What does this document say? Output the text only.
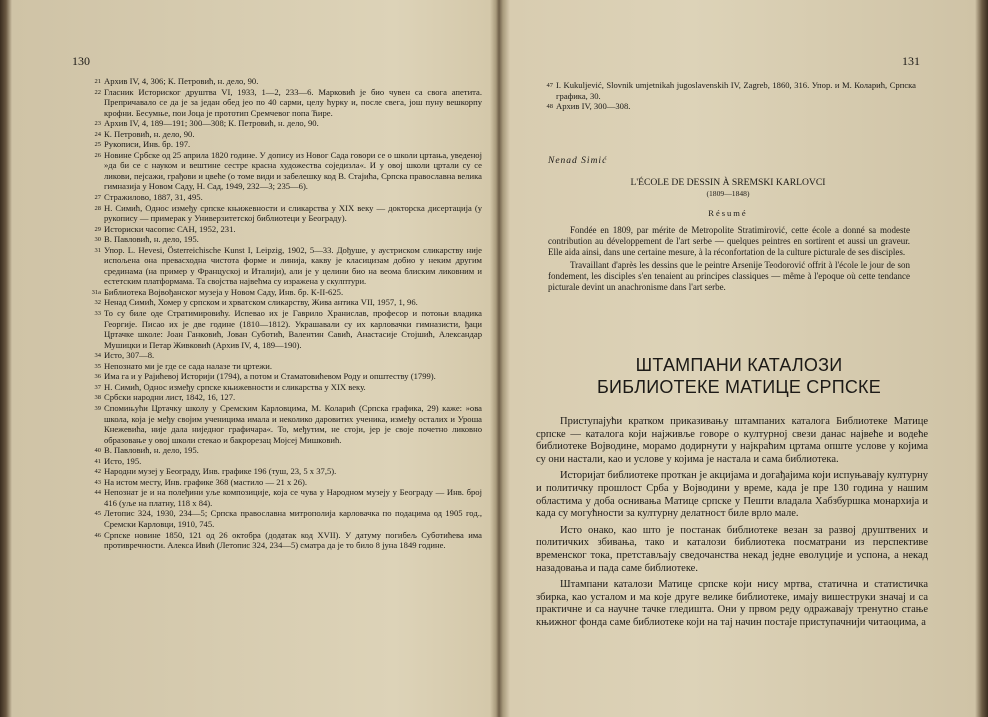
130
21 Архив IV, 4, 306; К. Петровић, н. дело, 90.
22 Гласник Историског друштва VI, 1933, 1—2, 233—6. Марковић је био чувен са свога апетита. Препричавало се да је за један обед јео по 40 сарми, целу ћурку и, после свега, још пуну вешкорпу крофни. Бесумње, пои Јоца је прототип Сремчевог попа Ћире.
23 Архив IV, 4, 189—191; 300—308; К. Петровић, н. дело, 90.
24 К. Петровић, н. дело, 90.
25 Рукописи, Инв. бр. 197.
26 Новине Србске од 25 априла 1820 године. У допису из Новог Сада говори се о школи цртања, уведеној »да би се с науком и вештине сестре красна художества соједизла«. И у овој школи цртали су се ликови, пејсажи, грађови и цвеће (о томе види и забелешку код В. Стајића, Српска православна велика гимназија у Новом Саду, Н. Сад, 1949, 232—3; 235—6).
27 Стражилово, 1887, 31, 495.
28 Н. Симић, Однос између српске књижевности и сликарства у XIX веку — докторска дисертација (у рукопису — примерак у Универзитетској библиотеци у Београду).
29 Историски часопис САН, 1952, 231.
30 В. Павловић, н. дело, 195.
31 Упор. L. Hevesi, Österreichische Kunst I, Leipzig, 1902, 5—33. Дођуше, у аустриском сликарству није испољена она превасходна чистота форме и линија, какву је класицизам добио у неким другим срединама (на пример у Француској и Италији), али је у целини био на веома блиским ликовним и естетским платформама. Та својства највећма су изражена у скулптури.
31a Библиотека Војвођанског музеја у Новом Саду, Инв. бр. К-II-625.
32 Ненад Симић, Хомер у српском и хрватском сликарству, Жива антика VII, 1957, 1, 96.
33 То су биле оде Стратимировићу. Испевао их је Гаврило Хранислав, професор и потоњи владика Георгије. Писао их је две године (1810—1812). Украшавали су их карловачки гимназисти, ђаци Цртачке школе: Јоан Ганковић, Јован Суботић, Валентин Савић, Анастасије Стојшић, Александар Мушицки и Петар Живковић (Архив IV, 4, 189—190).
34 Исто, 307—8.
35 Непознато ми је где се сада налазе ти цртежи.
36 Има га и у Рајићевој Историји (1794), а потом и Стаматовићевом Роду и општеству (1799).
37 Н. Симић, Однос између српске књижевности и сликарства у XIX веку.
38 Србски народни лист, 1842, 16, 127.
39 Спомињући Цртачку школу у Сремским Карловцима, М. Коларић (Српска графика, 29) каже: »ова школа, која је међу својим ученицима имала и неколико даровитих ученика, између осталих и Уроша Кнежевића, није дала ниједног графичара«. То, међутим, не стоји, јер је своје почетно ликовно образовање у овој школи стекао и бакрорезац Мојсеј Мишковић.
40 В. Павловић, н. дело, 195.
41 Исто, 195.
42 Народни музеј у Београду, Инв. графике 196 (туш, 23, 5 x 37,5).
43 На истом месту, Инв. графике 368 (мастило — 21 x 26).
44 Непознат је и на полеђини уље композиције, која се чува у Народном музеју у Београду — Инв. број 416 (уље на платну, 118 x 84).
45 Летопис 324, 1930, 234—5; Српска православна митрополија карловачка по подацима од 1905 год., Сремски Карловци, 1910, 745.
46 Српске новине 1850, 121 од 26 октобра (додатак код XVII). У датуму погибељ Суботићева има противречности. Алекса Ивић (Летопис 324, 234—5) сматра да је то било 8 јуна 1849 године.
131
47 I. Kukuljević, Slovnik umjetnikah jugoslavenskih IV, Zagreb, 1860, 316. Упор. и М. Коларић, Српска графика, 30.
48 Архив IV, 300—308.
Nenad Simić
L'ÉCOLE DE DESSIN À SREMSKI KARLOVCI
(1809—1848)
Résumé

Fondée en 1809, par mérite de Metropolite Stratimirović, cette école a donné sa modeste contribution au développement de l'art serbe — quelques peintres en sortirent et aussi un graveur. Elle aida ainsi, dans une certaine mesure, à la réconfortation de la culture picturale de ses disciples.

Travaillant d'après les dessins que le peintre Arsenije Teodorović offrit à l'école le jour de son fondement, les disciples s'en tenaient au principes classiques — même à l'epoque où cette tendance picturale devint un anachronisme dans l'art serbe.

ШТАМПАНИ КАТАЛОЗИ
БИБЛИОТЕКЕ МАТИЦЕ СРПСКЕ

Приступајући кратком приказивању штампаних каталога Библиотеке Матице српске — каталога који најживље говоре о културној свези данас највеће и водеће библиотеке Војводине, морамо додирнути у најкраћим цртама опште услове у којима су они настали, као и услове у којима је настала и сама библиотека.

Историјат библиотеке проткан је акцијама и догађајима који испуњавају културну и политичку прошлост Срба у Војводини у време, када је пре 130 година у нашим областима у доба оснивања Матице српске у Пешти владала Хабзбуршка монархија и када су могућности за културну делатност биле врло мале.

Исто онако, као што је постанак библиотеке везан за развој друштвених и политичких збивања, тако и каталози библиотека посматрани из перспективе временског тока, претстављају сведочанства некад једне еволуције и успона, а некад назадовања и пада саме библиотеке.

Штампани каталози Матице српске који нису мртва, статична и статистичка збирка, као усталом и ма које друге велике библиотеке, имају вишеструки значај и са практичне и са научне тачке гледишта. Они у првом реду одражавају тренутно стање књижног фонда саме библиотеке који на тај начин постаје приступачнији читаоцима, а
